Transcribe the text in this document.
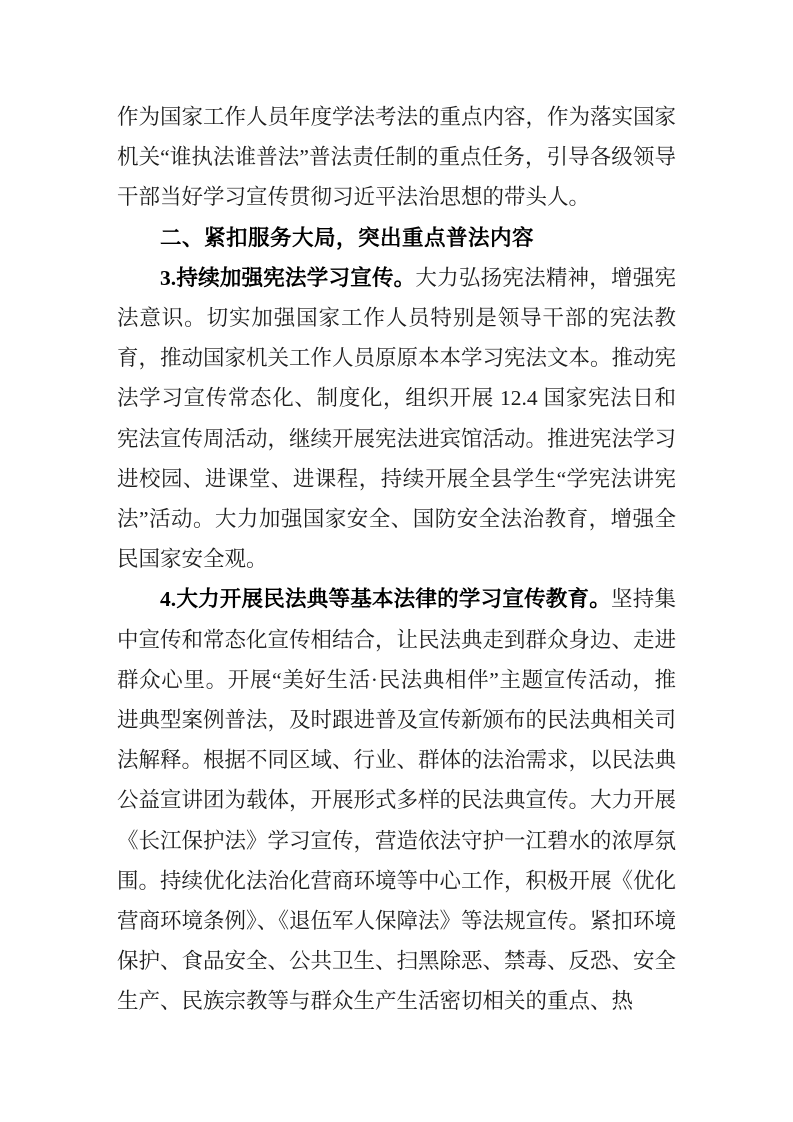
作为国家工作人员年度学法考法的重点内容，作为落实国家机关“谁执法谁普法”普法责任制的重点任务，引导各级领导干部当好学习宣传贯彻习近平法治思想的带头人。

二、紧扣服务大局，突出重点普法内容

3.持续加强宪法学习宣传。大力弘扬宪法精神，增强宪法意识。切实加强国家工作人员特别是领导干部的宪法教育，推动国家机关工作人员原原本本学习宪法文本。推动宪法学习宣传常态化、制度化，组织开展 12.4 国家宪法日和宪法宣传周活动，继续开展宪法进宾馆活动。推进宪法学习进校园、进课堂、进课程，持续开展全县学生“学宪法讲宪法”活动。大力加强国家安全、国防安全法治教育，增强全民国家安全观。

4.大力开展民法典等基本法律的学习宣传教育。坚持集中宣传和常态化宣传相结合，让民法典走到群众身边、走进群众心里。开展“美好生活·民法典相伴”主题宣传活动，推进典型案例普法，及时跟进普及宣传新颁布的民法典相关司法解释。根据不同区域、行业、群体的法治需求，以民法典公益宣讲团为载体，开展形式多样的民法典宣传。大力开展《长江保护法》学习宣传，营造依法守护一江碧水的浓厚氛围。持续优化法治化营商环境等中心工作，积极开展《优化营商环境条例》、《退伍军人保障法》等法规宣传。紧扣环境保护、食品安全、公共卫生、扫黑除恶、禁毒、反恐、安全生产、民族宗教等与群众生产生活密切相关的重点、热
